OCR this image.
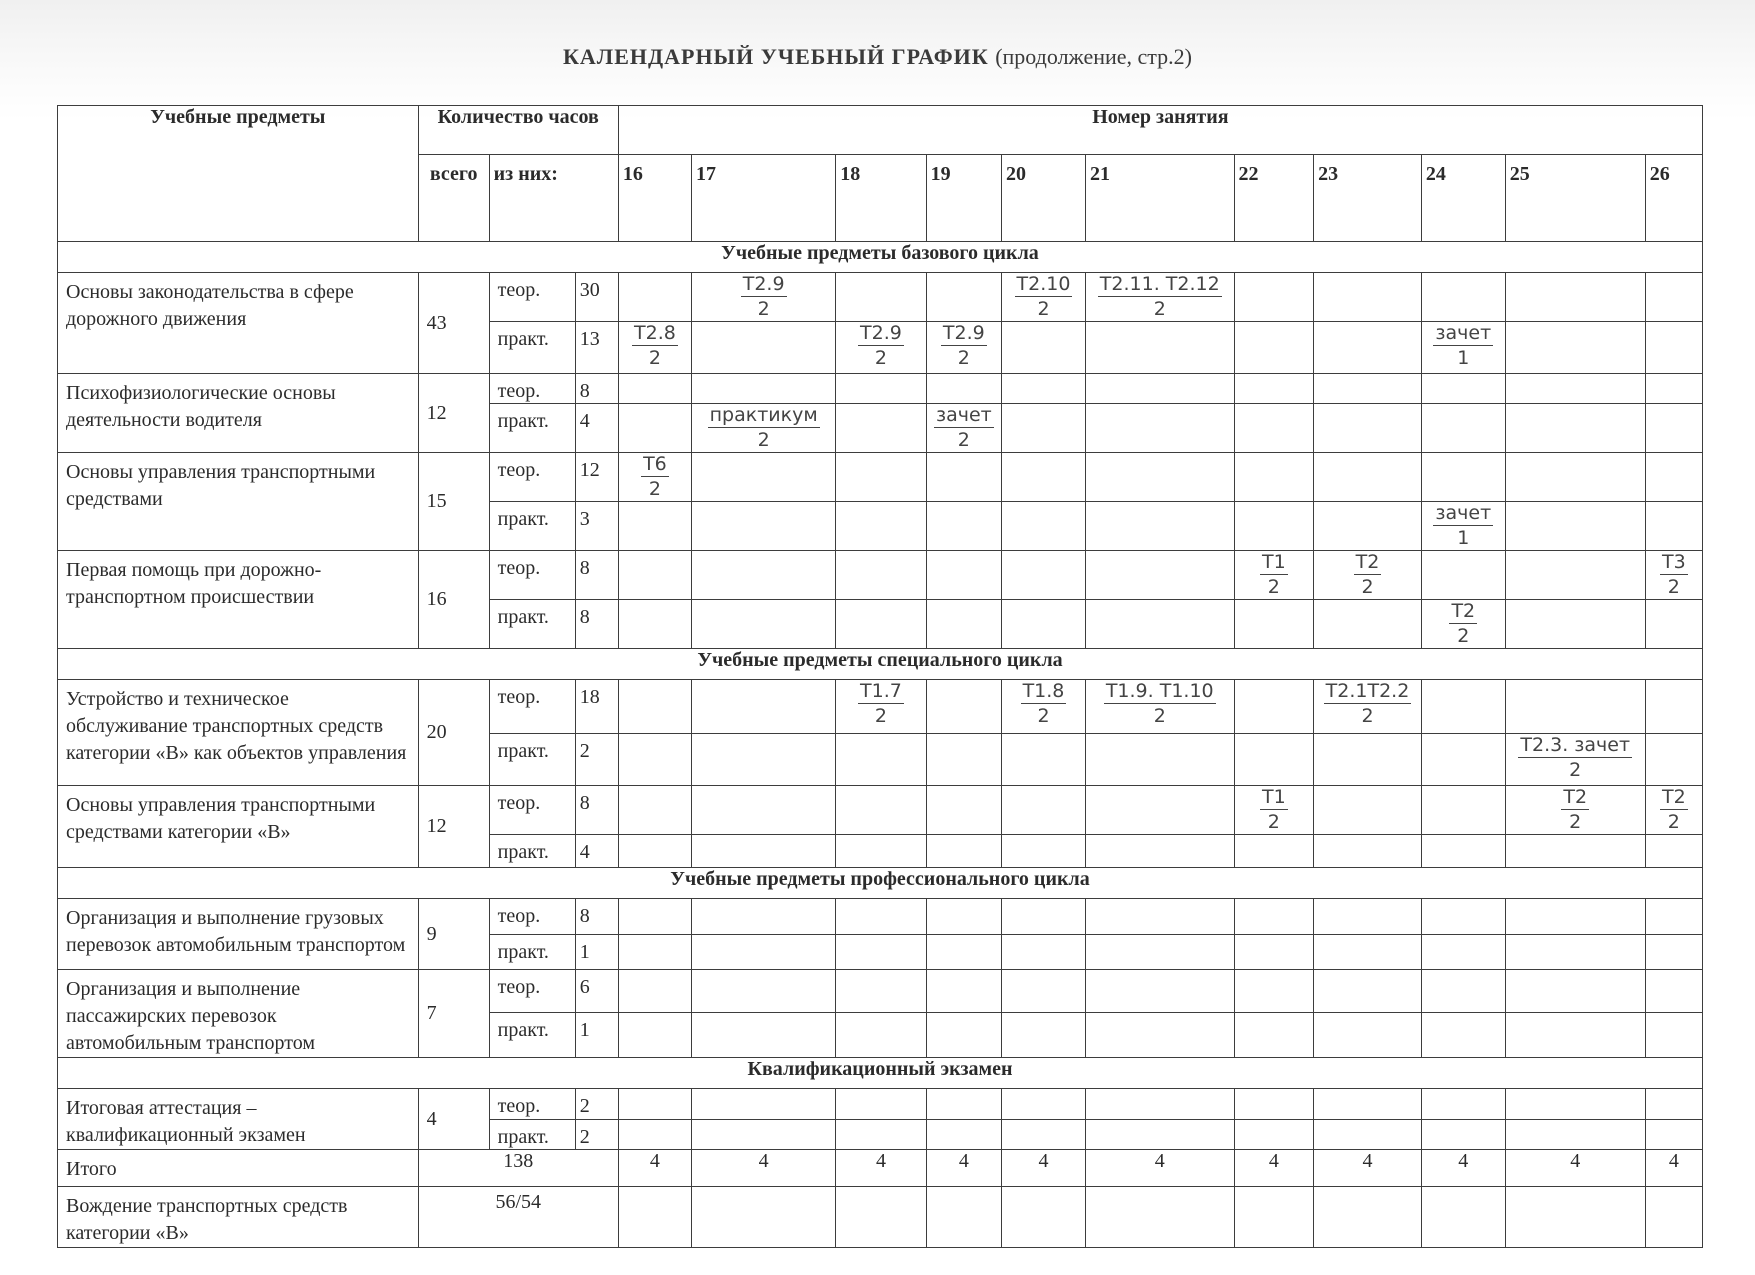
КАЛЕНДАРНЫЙ УЧЕБНЫЙ ГРАФИК (продолжение, стр.2)
Учебные предметы	Количество часов			Номер занятия										
	всего	из них:		16	17	18	19	20	21	22	23	24	25	26
Учебные предметы базового цикла														
Основы законодательства в сфере дорожного движения	43	теор.	30		$\frac{Т2.9}{2}$			$\frac{Т2.10}{2}$	$\frac{Т2.11. Т2.12}{2}$

		практ.	13	$\frac{Т2.8}{2}$		$\frac{Т2.9}{2}$	$\frac{Т2.9}{2}$					$\frac{\text{зачет}}{1}$

Психофизиологические основы деятельности водителя	12	теор.	8											
		практ.	4		$\frac{\text{практикум}}{2}$		$\frac{\text{зачет}}{2}$

Основы управления транспортными средствами	15	теор.	12	$\frac{Т6}{2}$

		практ.	3									$\frac{\text{зачет}}{1}$

Первая помощь при дорожно-транспортном происшествии	16	теор.	8							$\frac{Т1}{2}$	$\frac{Т2}{2}$			$\frac{Т3}{2}$

		практ.	8									$\frac{Т2}{2}$

Учебные предметы специального цикла														
Устройство и техническое обслуживание транспортных средств категории «В» как объектов управления	20	теор.	18			$\frac{Т1.7}{2}$		$\frac{Т1.8}{2}$	$\frac{Т1.9. Т1.10}{2}$		$\frac{Т2.1Т2.2}{2}$

		практ.	2										$\frac{\text{Т2.3. зачет}}{2}$

Основы управления транспортными средствами категории «В»	12	теор.	8							$\frac{Т1}{2}$			$\frac{Т2}{2}$	$\frac{Т2}{2}$

		практ.	4											
Учебные предметы профессионального цикла														
Организация и выполнение грузовых перевозок автомобильным транспортом	9	теор.	8											
		практ.	1											
Организация и выполнение пассажирских перевозок автомобильным транспортом	7	теор.	6											
		практ.	1											
Квалификационный экзамен														
Итоговая аттестация – квалификационный экзамен	4	теор.	2											
		практ.	2											
Итого	138			4	4	4	4	4	4	4	4	4	4	4
Вождение транспортных средств категории «В»	56/54													
